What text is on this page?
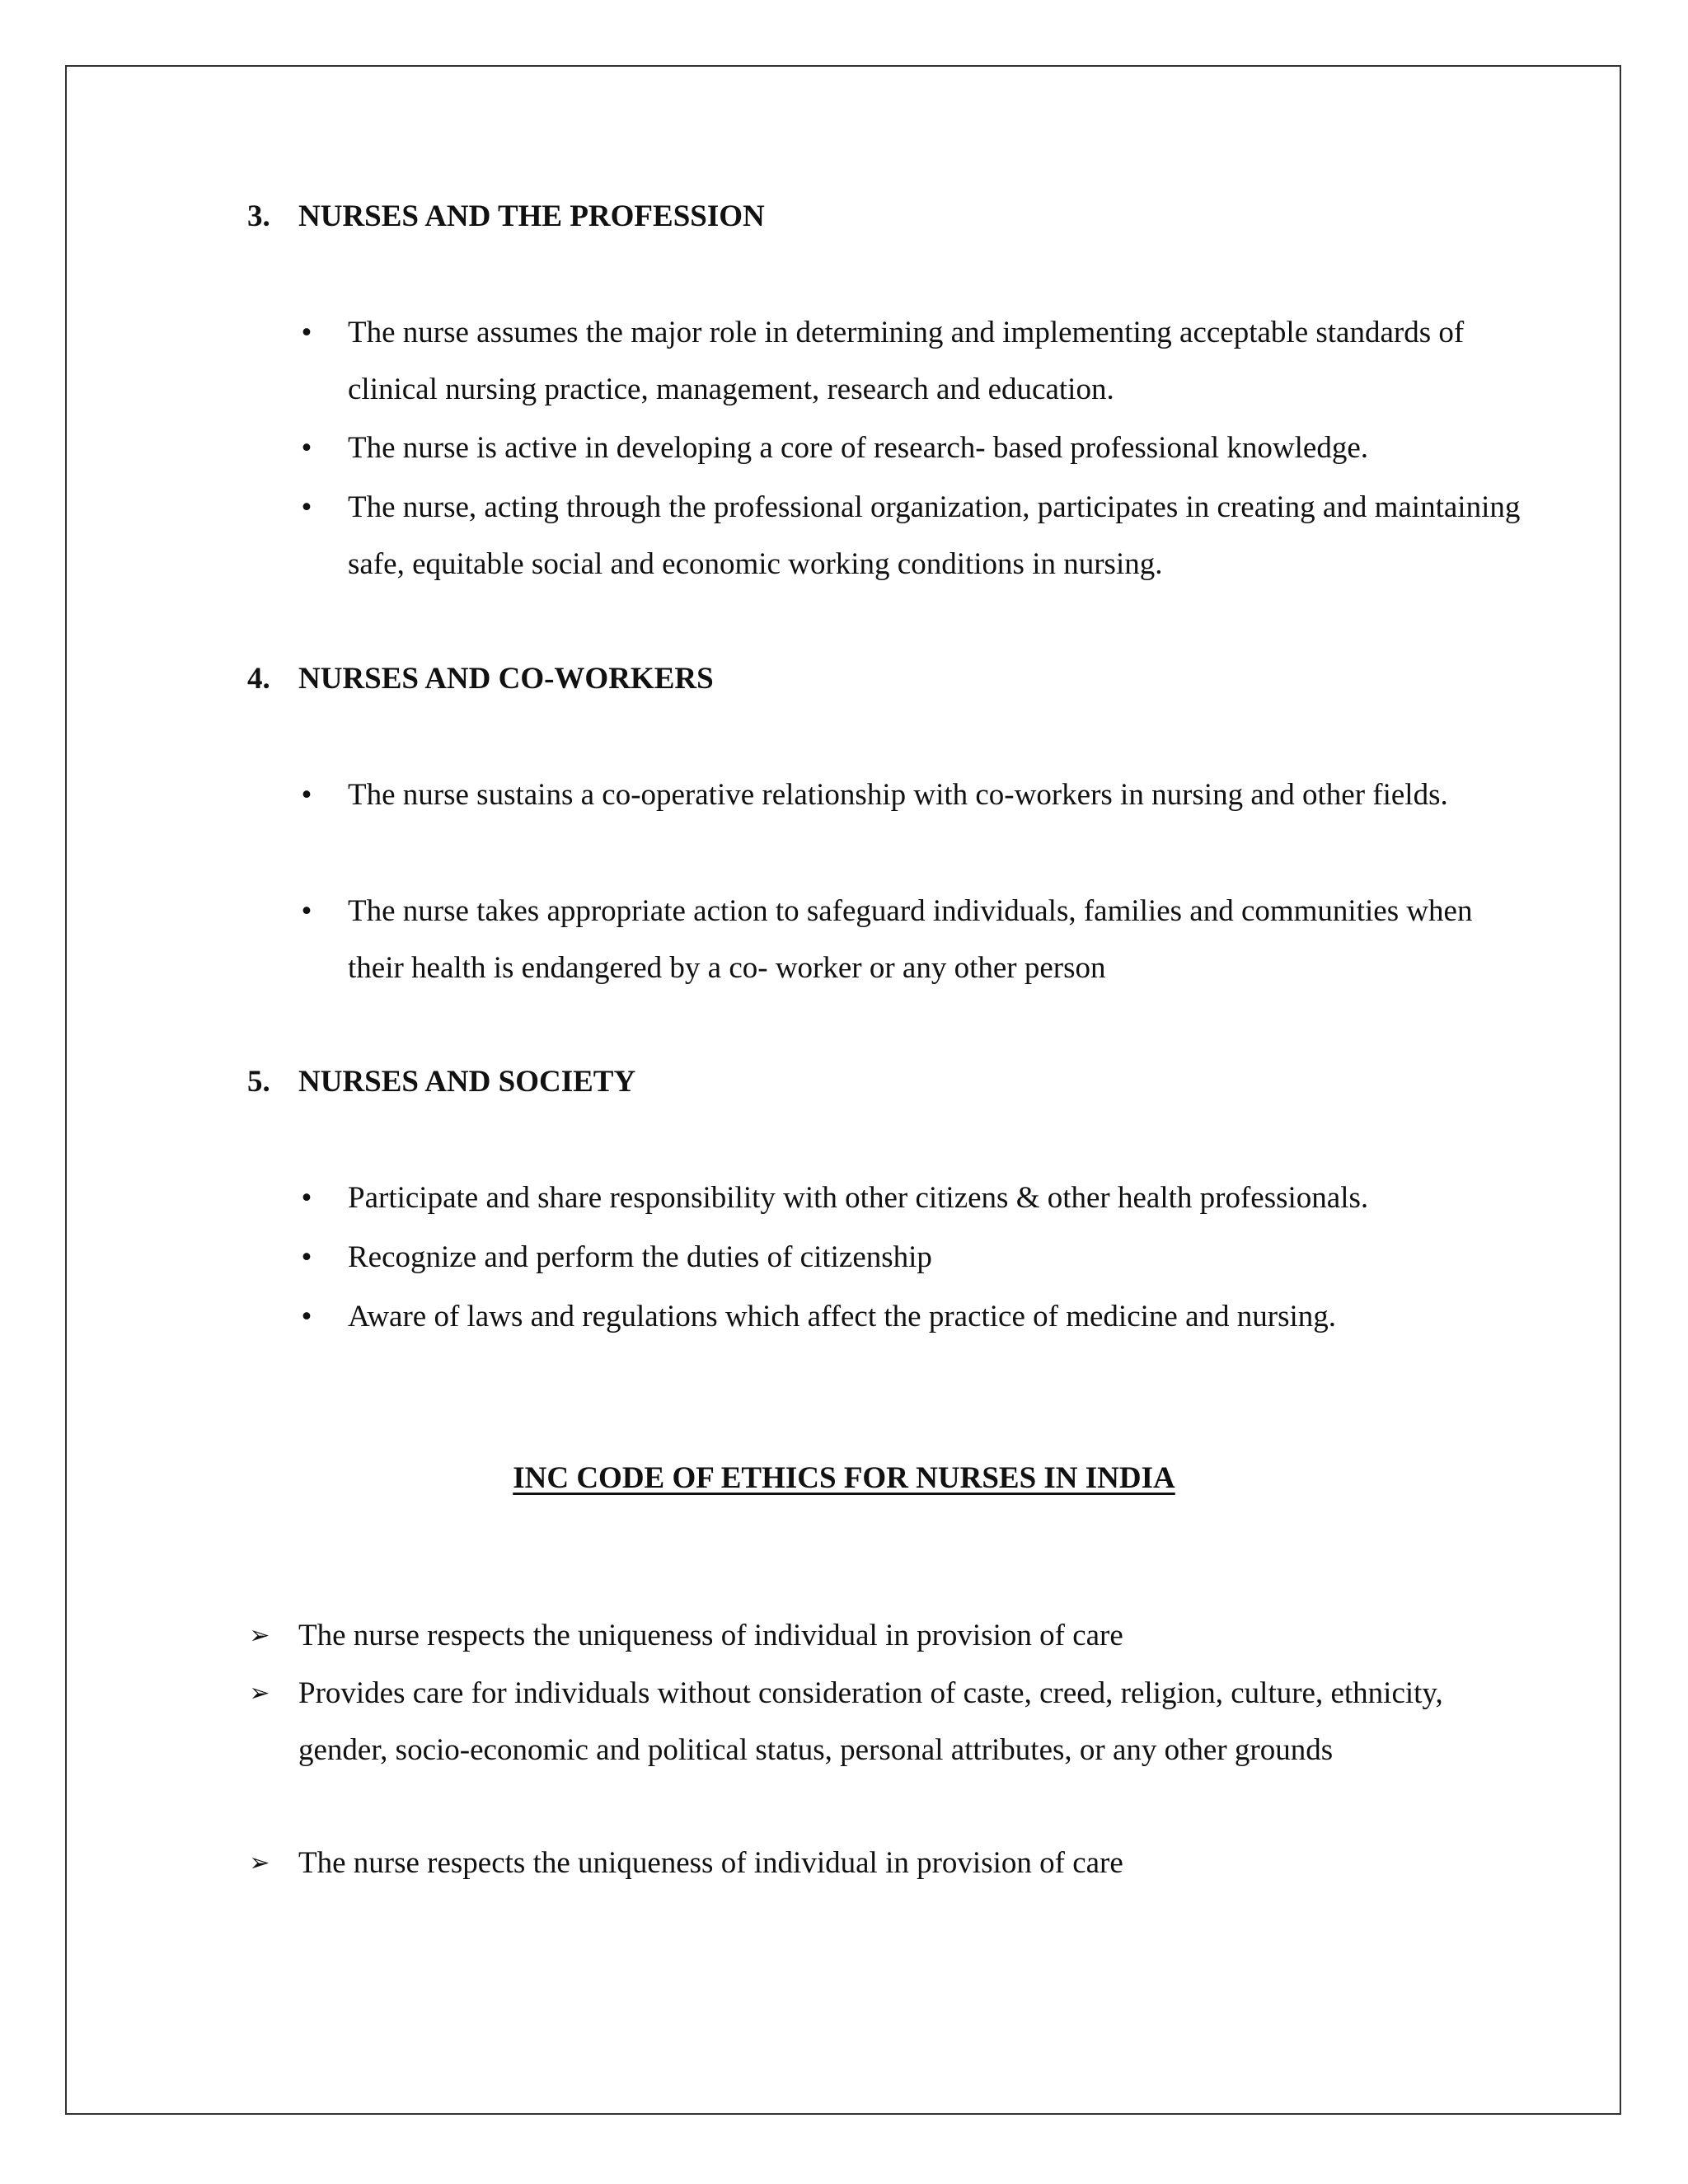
3. NURSES AND THE PROFESSION
• The nurse assumes the major role in determining and implementing acceptable standards of clinical nursing practice, management, research and education.
• The nurse is active in developing a core of research- based professional knowledge.
• The nurse, acting through the professional organization, participates in creating and maintaining safe, equitable social and economic working conditions in nursing.
4. NURSES AND CO-WORKERS
• The nurse sustains a co-operative relationship with co-workers in nursing and other fields.
• The nurse takes appropriate action to safeguard individuals, families and communities when their health is endangered by a co- worker or any other person
5. NURSES AND SOCIETY
• Participate and share responsibility with other citizens & other health professionals.
• Recognize and perform the duties of citizenship
• Aware of laws and regulations which affect the practice of medicine and nursing.
INC CODE OF ETHICS FOR NURSES IN INDIA
➢ The nurse respects the uniqueness of individual in provision of care
➢ Provides care for individuals without consideration of caste, creed, religion, culture, ethnicity, gender, socio-economic and political status, personal attributes, or any other grounds
➢ The nurse respects the uniqueness of individual in provision of care
